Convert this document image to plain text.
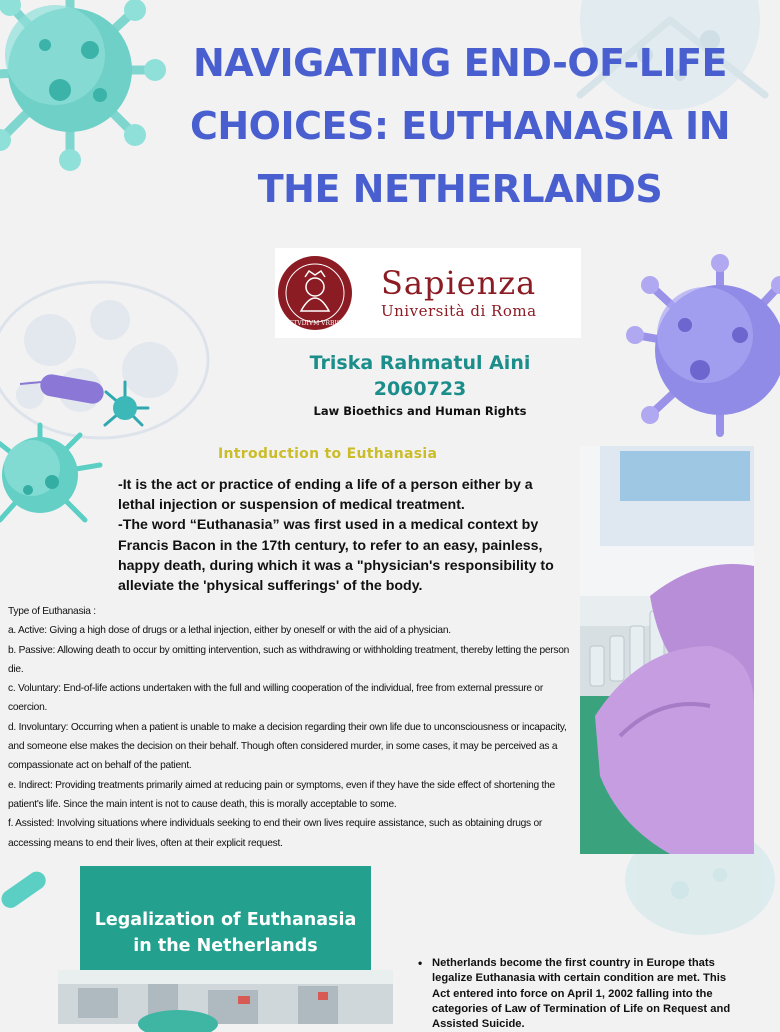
NAVIGATING END-OF-LIFE
CHOICES: EUTHANASIA IN
THE NETHERLANDS
STVDIVM VRBIS
Sapienza
Università di Roma
Triska Rahmatul Aini
2060723
Law Bioethics and Human Rights
Introduction to Euthanasia

-It is the act or practice of ending a life of a person either by a lethal injection or suspension of medical treatment.

-The word “Euthanasia” was first used in a medical context by Francis Bacon in the 17th century, to refer to an easy, painless, happy death, during which it was a "physician's responsibility to alleviate the 'physical sufferings' of the body.

Type of Euthanasia :
a. Active: Giving a high dose of drugs or a lethal injection, either by oneself or with the aid of a physician.
b. Passive: Allowing death to occur by omitting intervention, such as withdrawing or withholding treatment, thereby letting the person die.
c. Voluntary: End-of-life actions undertaken with the full and willing cooperation of the individual, free from external pressure or coercion.
d. Involuntary: Occurring when a patient is unable to make a decision regarding their own life due to unconsciousness or incapacity, and someone else makes the decision on their behalf. Though often considered murder, in some cases, it may be perceived as a compassionate act on behalf of the patient.
e. Indirect: Providing treatments primarily aimed at reducing pain or symptoms, even if they have the side effect of shortening the patient's life. Since the main intent is not to cause death, this is morally acceptable to some.
f. Assisted: Involving situations where individuals seeking to end their own lives require assistance, such as obtaining drugs or accessing means to end their lives, often at their explicit request.
Legalization of Euthanasia
in the Netherlands
• Netherlands become the first country in Europe thats legalize Euthanasia with certain condition are met. This Act entered into force on April 1, 2002 falling into the categories of Law of Termination of Life on Request and Assisted Suicide.
